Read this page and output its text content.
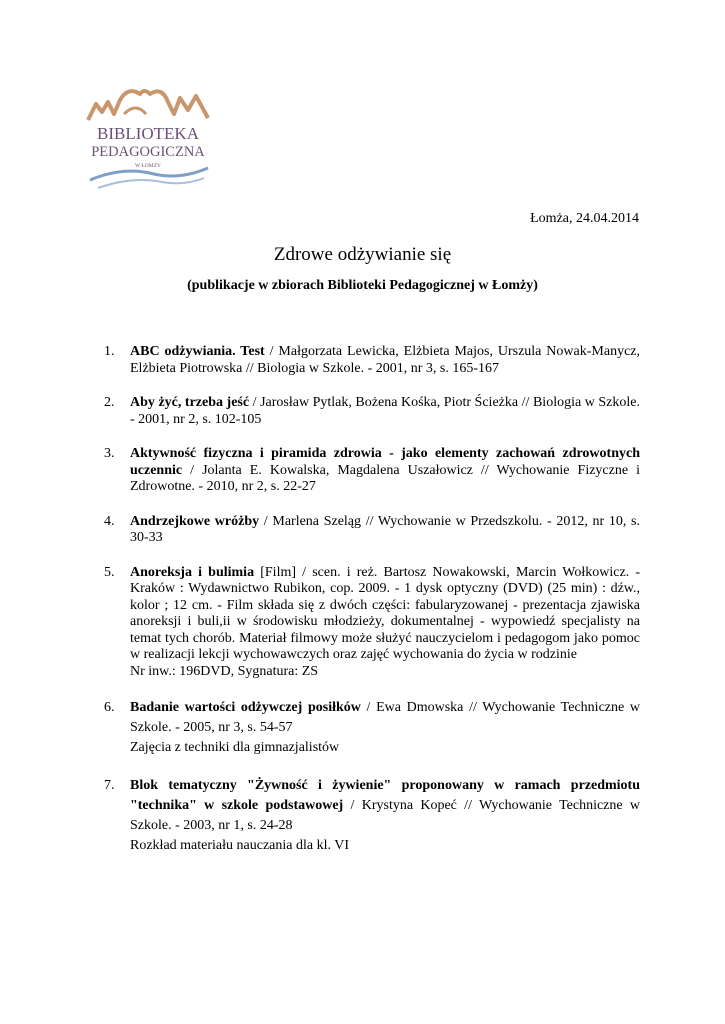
BIBLIOTEKA
PEDAGOGICZNA
W ŁOMŻY
Łomża, 24.04.2014
Zdrowe odżywianie się
(publikacje w zbiorach Biblioteki Pedagogicznej w Łomży)
1. ABC odżywiania. Test / Małgorzata Lewicka, Elżbieta Majos, Urszula Nowak-Manycz, Elżbieta Piotrowska // Biologia w Szkole. - 2001, nr 3, s. 165-167
2. Aby żyć, trzeba jeść / Jarosław Pytlak, Bożena Kośka, Piotr Ścieżka // Biologia w Szkole. - 2001, nr 2, s. 102-105
3. Aktywność fizyczna i piramida zdrowia - jako elementy zachowań zdrowotnych uczennic / Jolanta E. Kowalska, Magdalena Uszałowicz // Wychowanie Fizyczne i Zdrowotne. - 2010, nr 2, s. 22-27
4. Andrzejkowe wróżby / Marlena Szeląg // Wychowanie w Przedszkolu. - 2012, nr 10, s. 30-33
5. Anoreksja i bulimia [Film] / scen. i reż. Bartosz Nowakowski, Marcin Wołkowicz. - Kraków : Wydawnictwo Rubikon, cop. 2009. - 1 dysk optyczny (DVD) (25 min) : dźw., kolor ; 12 cm. - Film składa się z dwóch części: fabularyzowanej - prezentacja zjawiska anoreksji i buli,ii w środowisku młodzieży, dokumentalnej - wypowiedź specjalisty na temat tych chorób. Materiał filmowy może służyć nauczycielom i pedagogom jako pomoc w realizacji lekcji wychowawczych oraz zajęć wychowania do życia w rodzinie
Nr inw.: 196DVD, Sygnatura: ZS
6. Badanie wartości odżywczej posiłków / Ewa Dmowska // Wychowanie Techniczne w Szkole. - 2005, nr 3, s. 54-57
Zajęcia z techniki dla gimnazjalistów
7. Blok tematyczny "Żywność i żywienie" proponowany w ramach przedmiotu "technika" w szkole podstawowej / Krystyna Kopeć // Wychowanie Techniczne w Szkole. - 2003, nr 1, s. 24-28
Rozkład materiału nauczania dla kl. VI
